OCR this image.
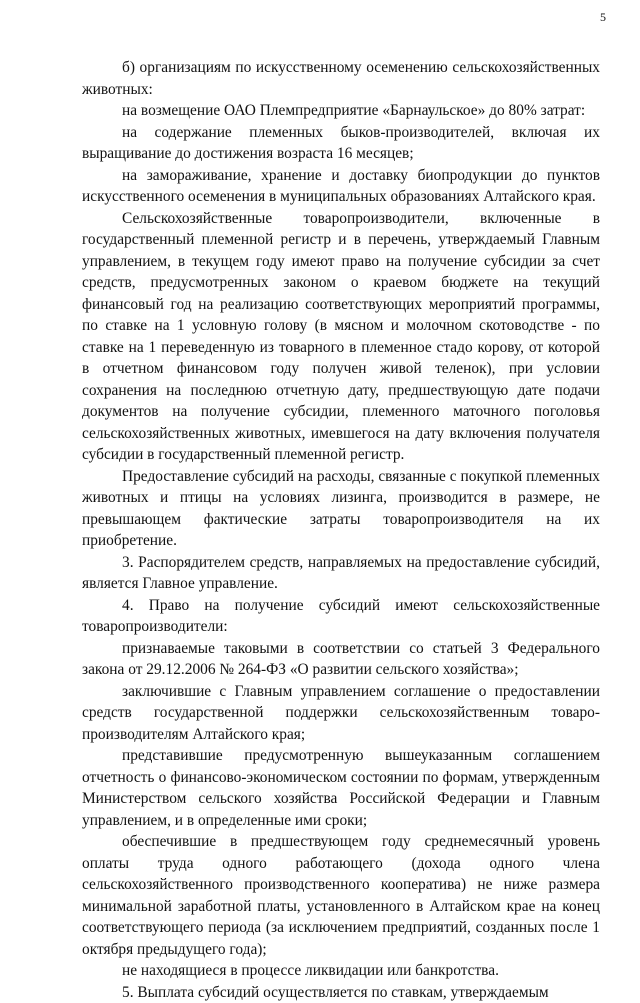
5

б) организациям по искусственному осеменению сельскохозяйственных животных:

на возмещение ОАО Племпредприятие «Барнаульское» до 80% затрат:

на содержание племенных быков-производителей, включая их выращивание до достижения возраста 16 месяцев;

на замораживание, хранение и доставку биопродукции до пунктов искусственного осеменения в муниципальных образованиях Алтайского края.

Сельскохозяйственные товаропроизводители, включенные в государственный племенной регистр и в перечень, утверждаемый Главным управлением, в текущем году имеют право на получение субсидии за счет средств, предусмотренных законом о краевом бюджете на текущий финансовый год на реализацию соответствующих мероприятий программы, по ставке на 1 условную голову (в мясном и молочном скотоводстве - по ставке на 1 переведенную из товарного в племенное стадо корову, от которой в отчетном финансовом году получен живой теленок), при условии сохранения на последнюю отчетную дату, предшествующую дате подачи документов на получение субсидии, племенного маточного поголовья сельскохозяйственных животных, имевшегося на дату включения получателя субсидии в государственный племенной регистр.

Предоставление субсидий на расходы, связанные с покупкой племенных животных и птицы на условиях лизинга, производится в размере, не превышающем фактические затраты товаропроизводителя на их приобретение.

3. Распорядителем средств, направляемых на предоставление субсидий, является Главное управление.

4. Право на получение субсидий имеют сельскохозяйственные товаропроизводители:

признаваемые таковыми в соответствии со статьей 3 Федерального закона от 29.12.2006 № 264-ФЗ «О развитии сельского хозяйства»;

заключившие с Главным управлением соглашение о предоставлении средств государственной поддержки сельскохозяйственным товаропроизводителям Алтайского края;

представившие предусмотренную вышеуказанным соглашением отчетность о финансово-экономическом состоянии по формам, утвержденным Министерством сельского хозяйства Российской Федерации и Главным управлением, и в определенные ими сроки;

обеспечившие в предшествующем году среднемесячный уровень оплаты труда одного работающего (дохода одного члена сельскохозяйственного производственного кооператива) не ниже размера минимальной заработной платы, установленного в Алтайском крае на конец соответствующего периода (за исключением предприятий, созданных после 1 октября предыдущего года);

не находящиеся в процессе ликвидации или банкротства.

5. Выплата субсидий осуществляется по ставкам, утверждаемым
